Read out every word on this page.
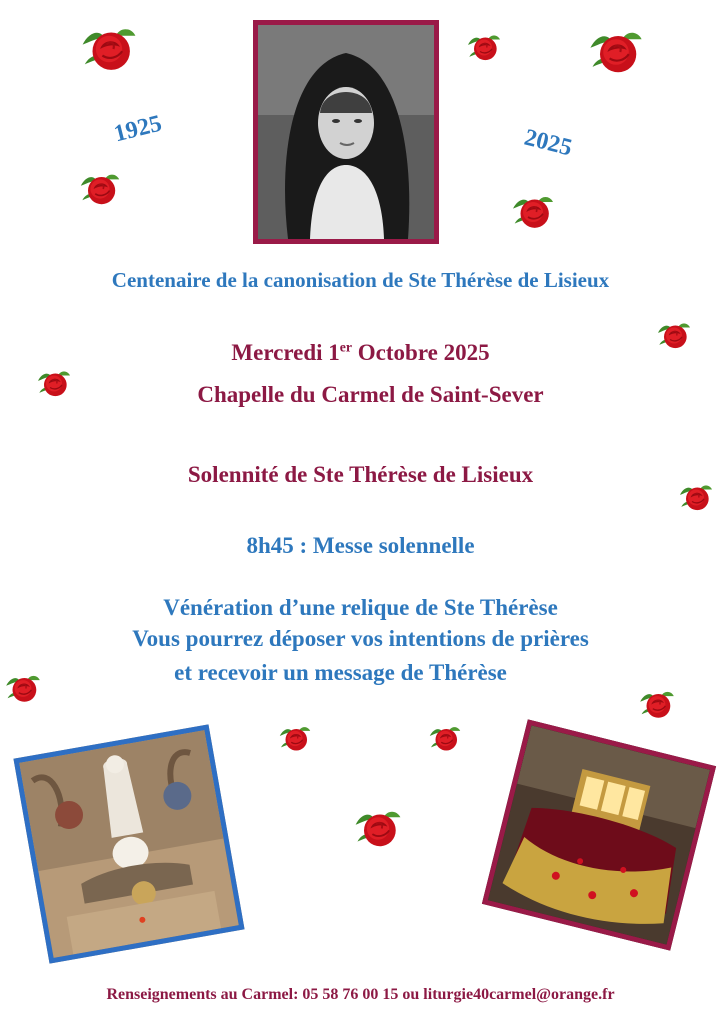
1925	2025
Centenaire de la canonisation de Ste Thérèse de Lisieux
Mercredi 1er Octobre 2025
Chapelle du Carmel de Saint-Sever
Solennité de Ste Thérèse de Lisieux
8h45 : Messe solennelle
Vénération d’une relique de Ste Thérèse
Vous pourrez déposer vos intentions de prières
et recevoir un message de Thérèse
Renseignements au Carmel: 05 58 76 00 15 ou liturgie40carmel@orange.fr
